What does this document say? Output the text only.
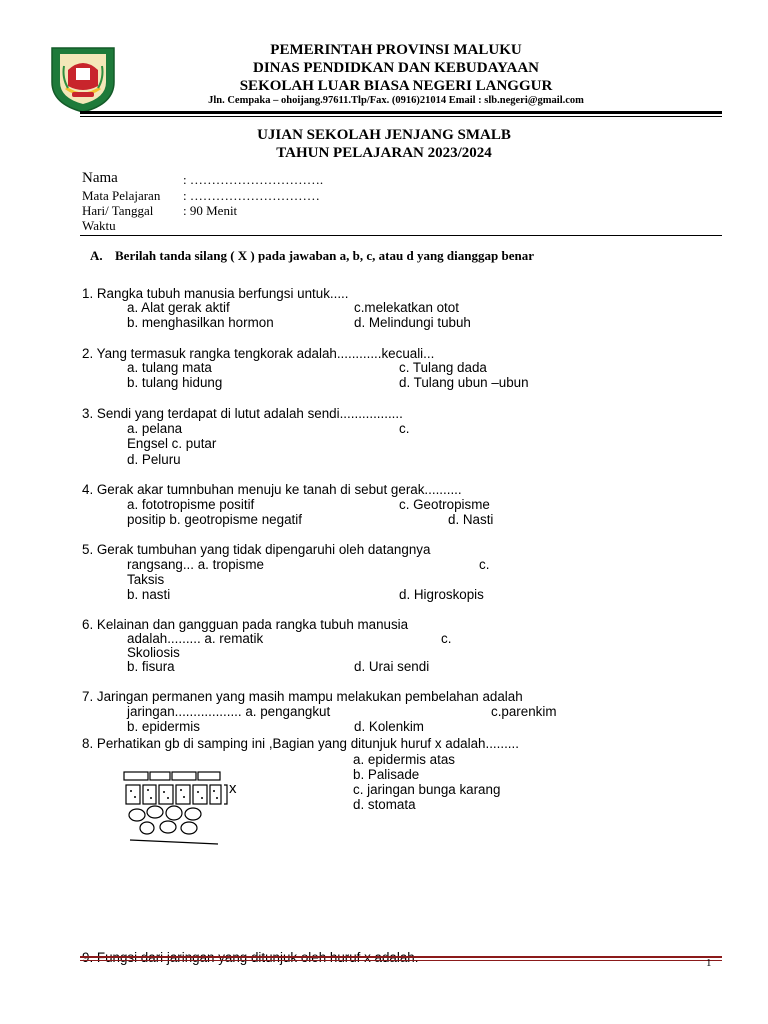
PEMERINTAH PROVINSI MALUKU
DINAS PENDIDKAN DAN KEBUDAYAAN
SEKOLAH LUAR BIASA NEGERI LANGGUR
Jln. Cempaka – ohoijang.97611.Tlp/Fax. (0916)21014 Email : slb.negeri@gmail.com
UJIAN SEKOLAH JENJANG SMALB
TAHUN PELAJARAN 2023/2024
Nama	: ………………………….
Mata Pelajaran : …………………………
Hari/ Tanggal : 90 Menit
Waktu
A. Berilah tanda silang ( X ) pada jawaban a, b, c, atau d yang dianggap benar
1. Rangka tubuh manusia berfungsi untuk.....
a. Alat gerak aktif	c.melekatkan otot
b. menghasilkan hormon	d. Melindungi tubuh
2. Yang termasuk rangka tengkorak adalah............kecuali...
a. tulang mata	c. Tulang dada
b. tulang hidung	d. Tulang ubun –ubun
3. Sendi yang terdapat di lutut adalah sendi.................
a. pelana	c.
Engsel c. putar
d. Peluru
4. Gerak akar tumnbuhan menuju ke tanah di sebut gerak..........
a. fototropisme positif	c. Geotropisme
positip b. geotropisme negatif	d. Nasti
5. Gerak tumbuhan yang tidak dipengaruhi oleh datangnya
rangsang... a. tropisme	c.
Taksis
b. nasti	d. Higroskopis
6. Kelainan dan gangguan pada rangka tubuh manusia
adalah......... a. rematik	c.
Skoliosis
b. fisura	d. Urai sendi
7. Jaringan permanen yang masih mampu melakukan pembelahan adalah
jaringan.................. a. pengangkut	c.parenkim
b. epidermis	d. Kolenkim
8. Perhatikan gb di samping ini ,Bagian yang ditunjuk huruf x adalah.........
a. epidermis atas
b. Palisade
c. jaringan bunga karang
d. stomata
x
1
